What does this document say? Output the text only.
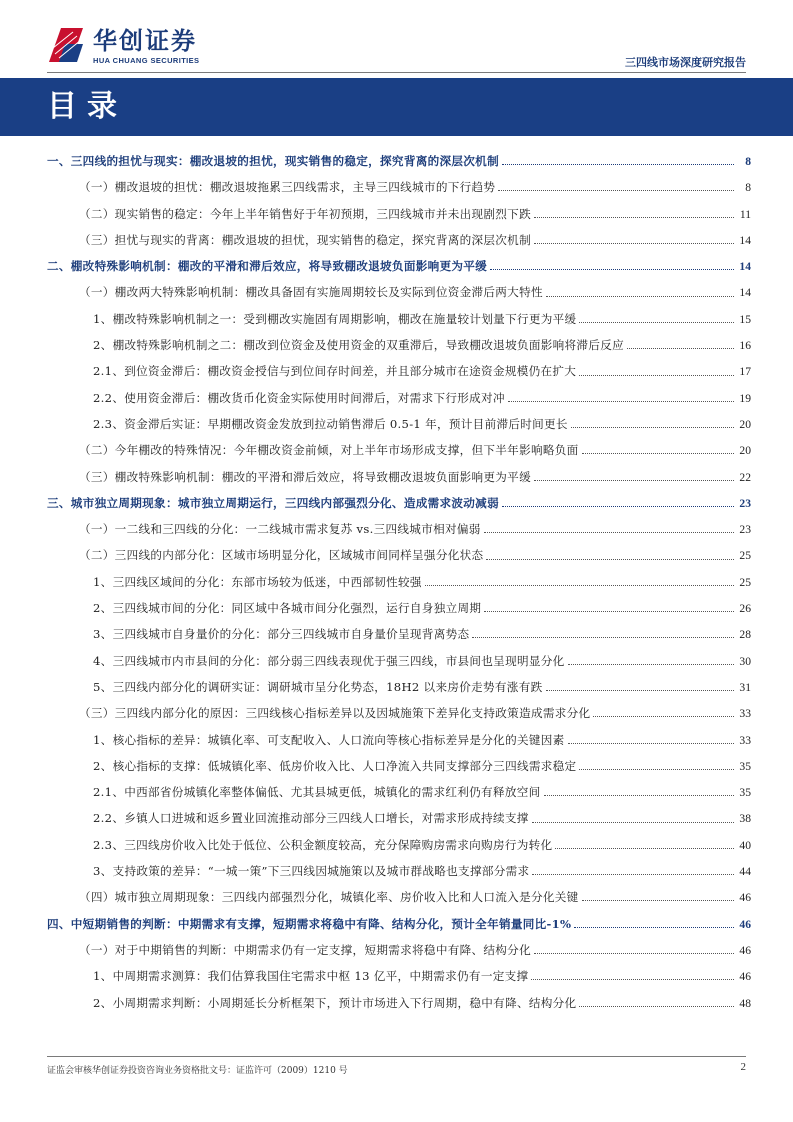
华创证券
HUA CHUANG SECURITIES	三四线市场深度研究报告
目录
一、三四线的担忧与现实：棚改退坡的担忧，现实销售的稳定，探究背离的深层次机制	8
（一）棚改退坡的担忧：棚改退坡拖累三四线需求，主导三四线城市的下行趋势	8
（二）现实销售的稳定：今年上半年销售好于年初预期，三四线城市并未出现剧烈下跌	11
（三）担忧与现实的背离：棚改退坡的担忧，现实销售的稳定，探究背离的深层次机制	14
二、棚改特殊影响机制：棚改的平滑和滞后效应，将导致棚改退坡负面影响更为平缓	14
（一）棚改两大特殊影响机制：棚改具备固有实施周期较长及实际到位资金滞后两大特性	14
1、棚改特殊影响机制之一：受到棚改实施固有周期影响，棚改在施量较计划量下行更为平缓	15
2、棚改特殊影响机制之二：棚改到位资金及使用资金的双重滞后，导致棚改退坡负面影响将滞后反应	16
2.1、到位资金滞后：棚改资金授信与到位间存时间差，并且部分城市在途资金规模仍在扩大	17
2.2、使用资金滞后：棚改货币化资金实际使用时间滞后，对需求下行形成对冲	19
2.3、资金滞后实证：早期棚改资金发放到拉动销售滞后 0.5-1 年，预计目前滞后时间更长	20
（二）今年棚改的特殊情况：今年棚改资金前倾，对上半年市场形成支撑，但下半年影响略负面	20
（三）棚改特殊影响机制：棚改的平滑和滞后效应，将导致棚改退坡负面影响更为平缓	22
三、城市独立周期现象：城市独立周期运行，三四线内部强烈分化、造成需求波动减弱	23
（一）一二线和三四线的分化：一二线城市需求复苏 vs.三四线城市相对偏弱	23
（二）三四线的内部分化：区域市场明显分化，区域城市间同样呈强分化状态	25
1、三四线区域间的分化：东部市场较为低迷，中西部韧性较强	25
2、三四线城市间的分化：同区域中各城市间分化强烈，运行自身独立周期	26
3、三四线城市自身量价的分化：部分三四线城市自身量价呈现背离势态	28
4、三四线城市内市县间的分化：部分弱三四线表现优于强三四线，市县间也呈现明显分化	30
5、三四线内部分化的调研实证：调研城市呈分化势态，18H2 以来房价走势有涨有跌	31
（三）三四线内部分化的原因：三四线核心指标差异以及因城施策下差异化支持政策造成需求分化	33
1、核心指标的差异：城镇化率、可支配收入、人口流向等核心指标差异是分化的关键因素	33
2、核心指标的支撑：低城镇化率、低房价收入比、人口净流入共同支撑部分三四线需求稳定	35
2.1、中西部省份城镇化率整体偏低、尤其县城更低，城镇化的需求红利仍有释放空间	35
2.2、乡镇人口进城和返乡置业回流推动部分三四线人口增长，对需求形成持续支撑	38
2.3、三四线房价收入比处于低位、公积金额度较高，充分保障购房需求向购房行为转化	40
3、支持政策的差异：“一城一策”下三四线因城施策以及城市群战略也支撑部分需求	44
（四）城市独立周期现象：三四线内部强烈分化，城镇化率、房价收入比和人口流入是分化关键	46
四、中短期销售的判断：中期需求有支撑，短期需求将稳中有降、结构分化，预计全年销量同比-1%	46
（一）对于中期销售的判断：中期需求仍有一定支撑，短期需求将稳中有降、结构分化	46
1、中周期需求测算：我们估算我国住宅需求中枢 13 亿平，中期需求仍有一定支撑	46
2、小周期需求判断：小周期延长分析框架下，预计市场进入下行周期，稳中有降、结构分化	48
证监会审核华创证券投资咨询业务资格批文号：证监许可（2009）1210 号	2
